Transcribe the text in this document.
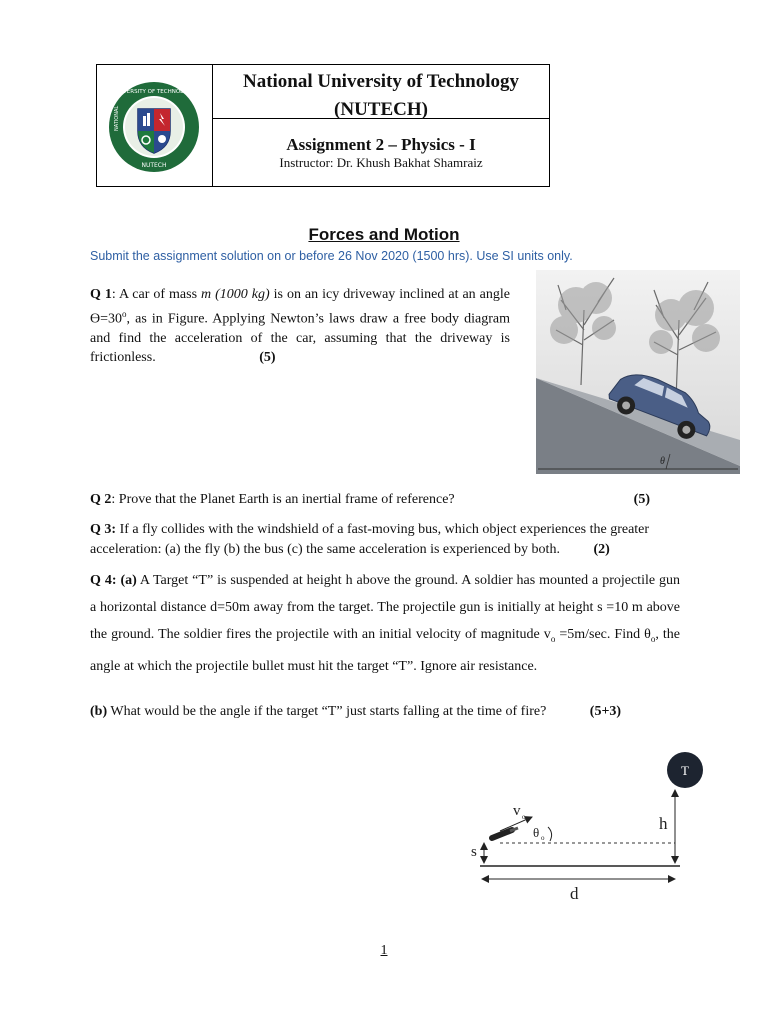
UNIVERSITY OF TECHNOLOGY
NATIONAL
NUTECH
National University of Technology
(NUTECH)
Assignment 2 – Physics - I
Instructor: Dr. Khush Bakhat Shamraiz
Forces and Motion
Submit the assignment solution on or before 26 Nov 2020 (1500 hrs). Use SI units only.
Q 1: A car of mass m (1000 kg) is on an icy driveway inclined at an angle $ϴ=30^o$, as in Figure. Applying Newton’s laws draw a free body diagram and find the acceleration of the car, assuming that the driveway is frictionless.	(5)
θ
Q 2: Prove that the Planet Earth is an inertial frame of reference?	(5)
Q 3: If a fly collides with the windshield of a fast-moving bus, which object experiences the greater acceleration: (a) the fly (b) the bus (c) the same acceleration is experienced by both. (2)
Q 4: (a) A Target “T” is suspended at height h above the ground. A soldier has mounted a projectile gun a horizontal distance d=50m away from the target. The projectile gun is initially at height s =10 m above the ground. The soldier fires the projectile with an initial velocity of magnitude $v_o =5m/\sec$. Find $\theta_o$, the angle at which the projectile bullet must hit the target “T”. Ignore air resistance.
(b) What would be the angle if the target “T” just starts falling at the time of fire?	(5+3)
v o
θ o
s
h
T
d
1
